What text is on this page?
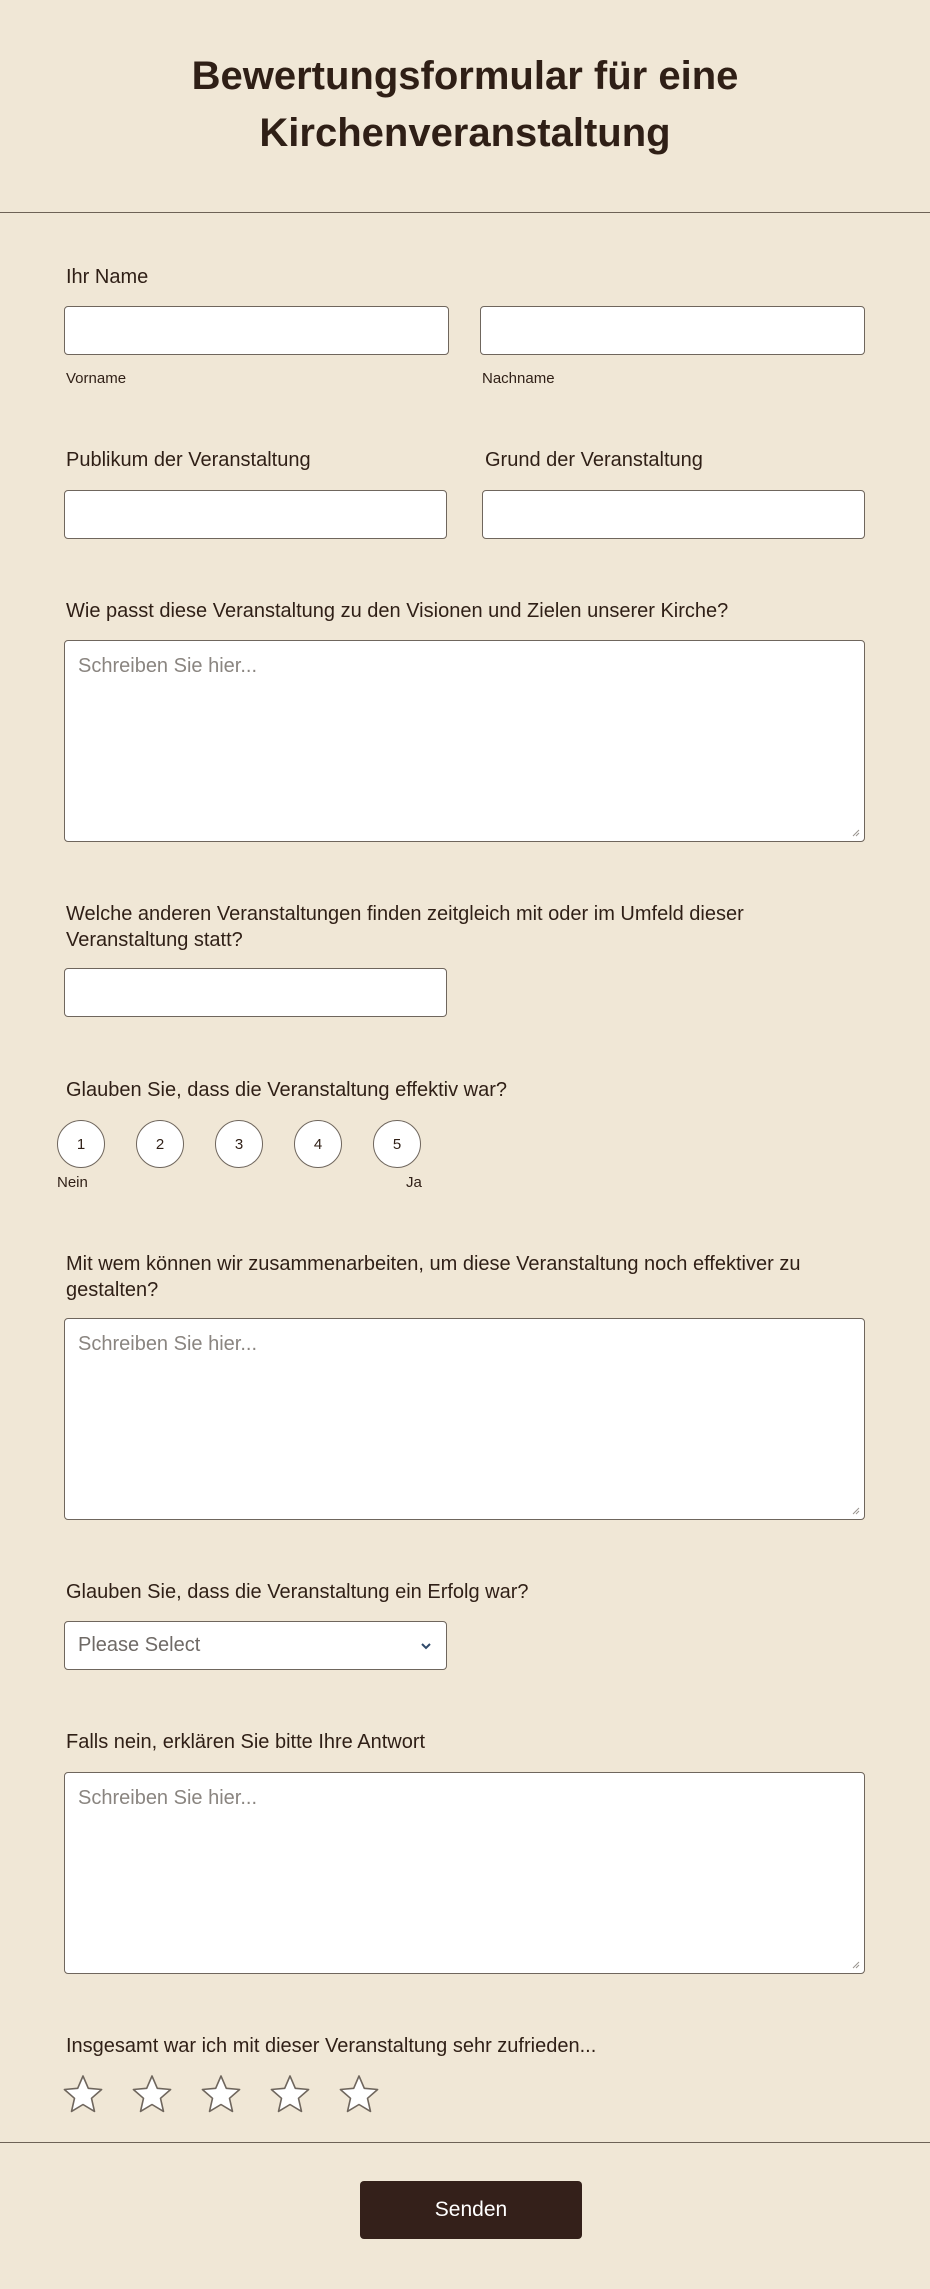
Bewertungsformular für eine Kirchenveranstaltung
Ihr Name
Vorname	Nachname
Publikum der Veranstaltung	Grund der Veranstaltung
Wie passt diese Veranstaltung zu den Visionen und Zielen unserer Kirche?
Schreiben Sie hier...
Welche anderen Veranstaltungen finden zeitgleich mit oder im Umfeld dieser Veranstaltung statt?
Glauben Sie, dass die Veranstaltung effektiv war?
1	2	3	4	5
Nein	Ja
Mit wem können wir zusammenarbeiten, um diese Veranstaltung noch effektiver zu gestalten?
Schreiben Sie hier...
Glauben Sie, dass die Veranstaltung ein Erfolg war?
Please Select
Falls nein, erklären Sie bitte Ihre Antwort
Schreiben Sie hier...
Insgesamt war ich mit dieser Veranstaltung sehr zufrieden...
Senden
